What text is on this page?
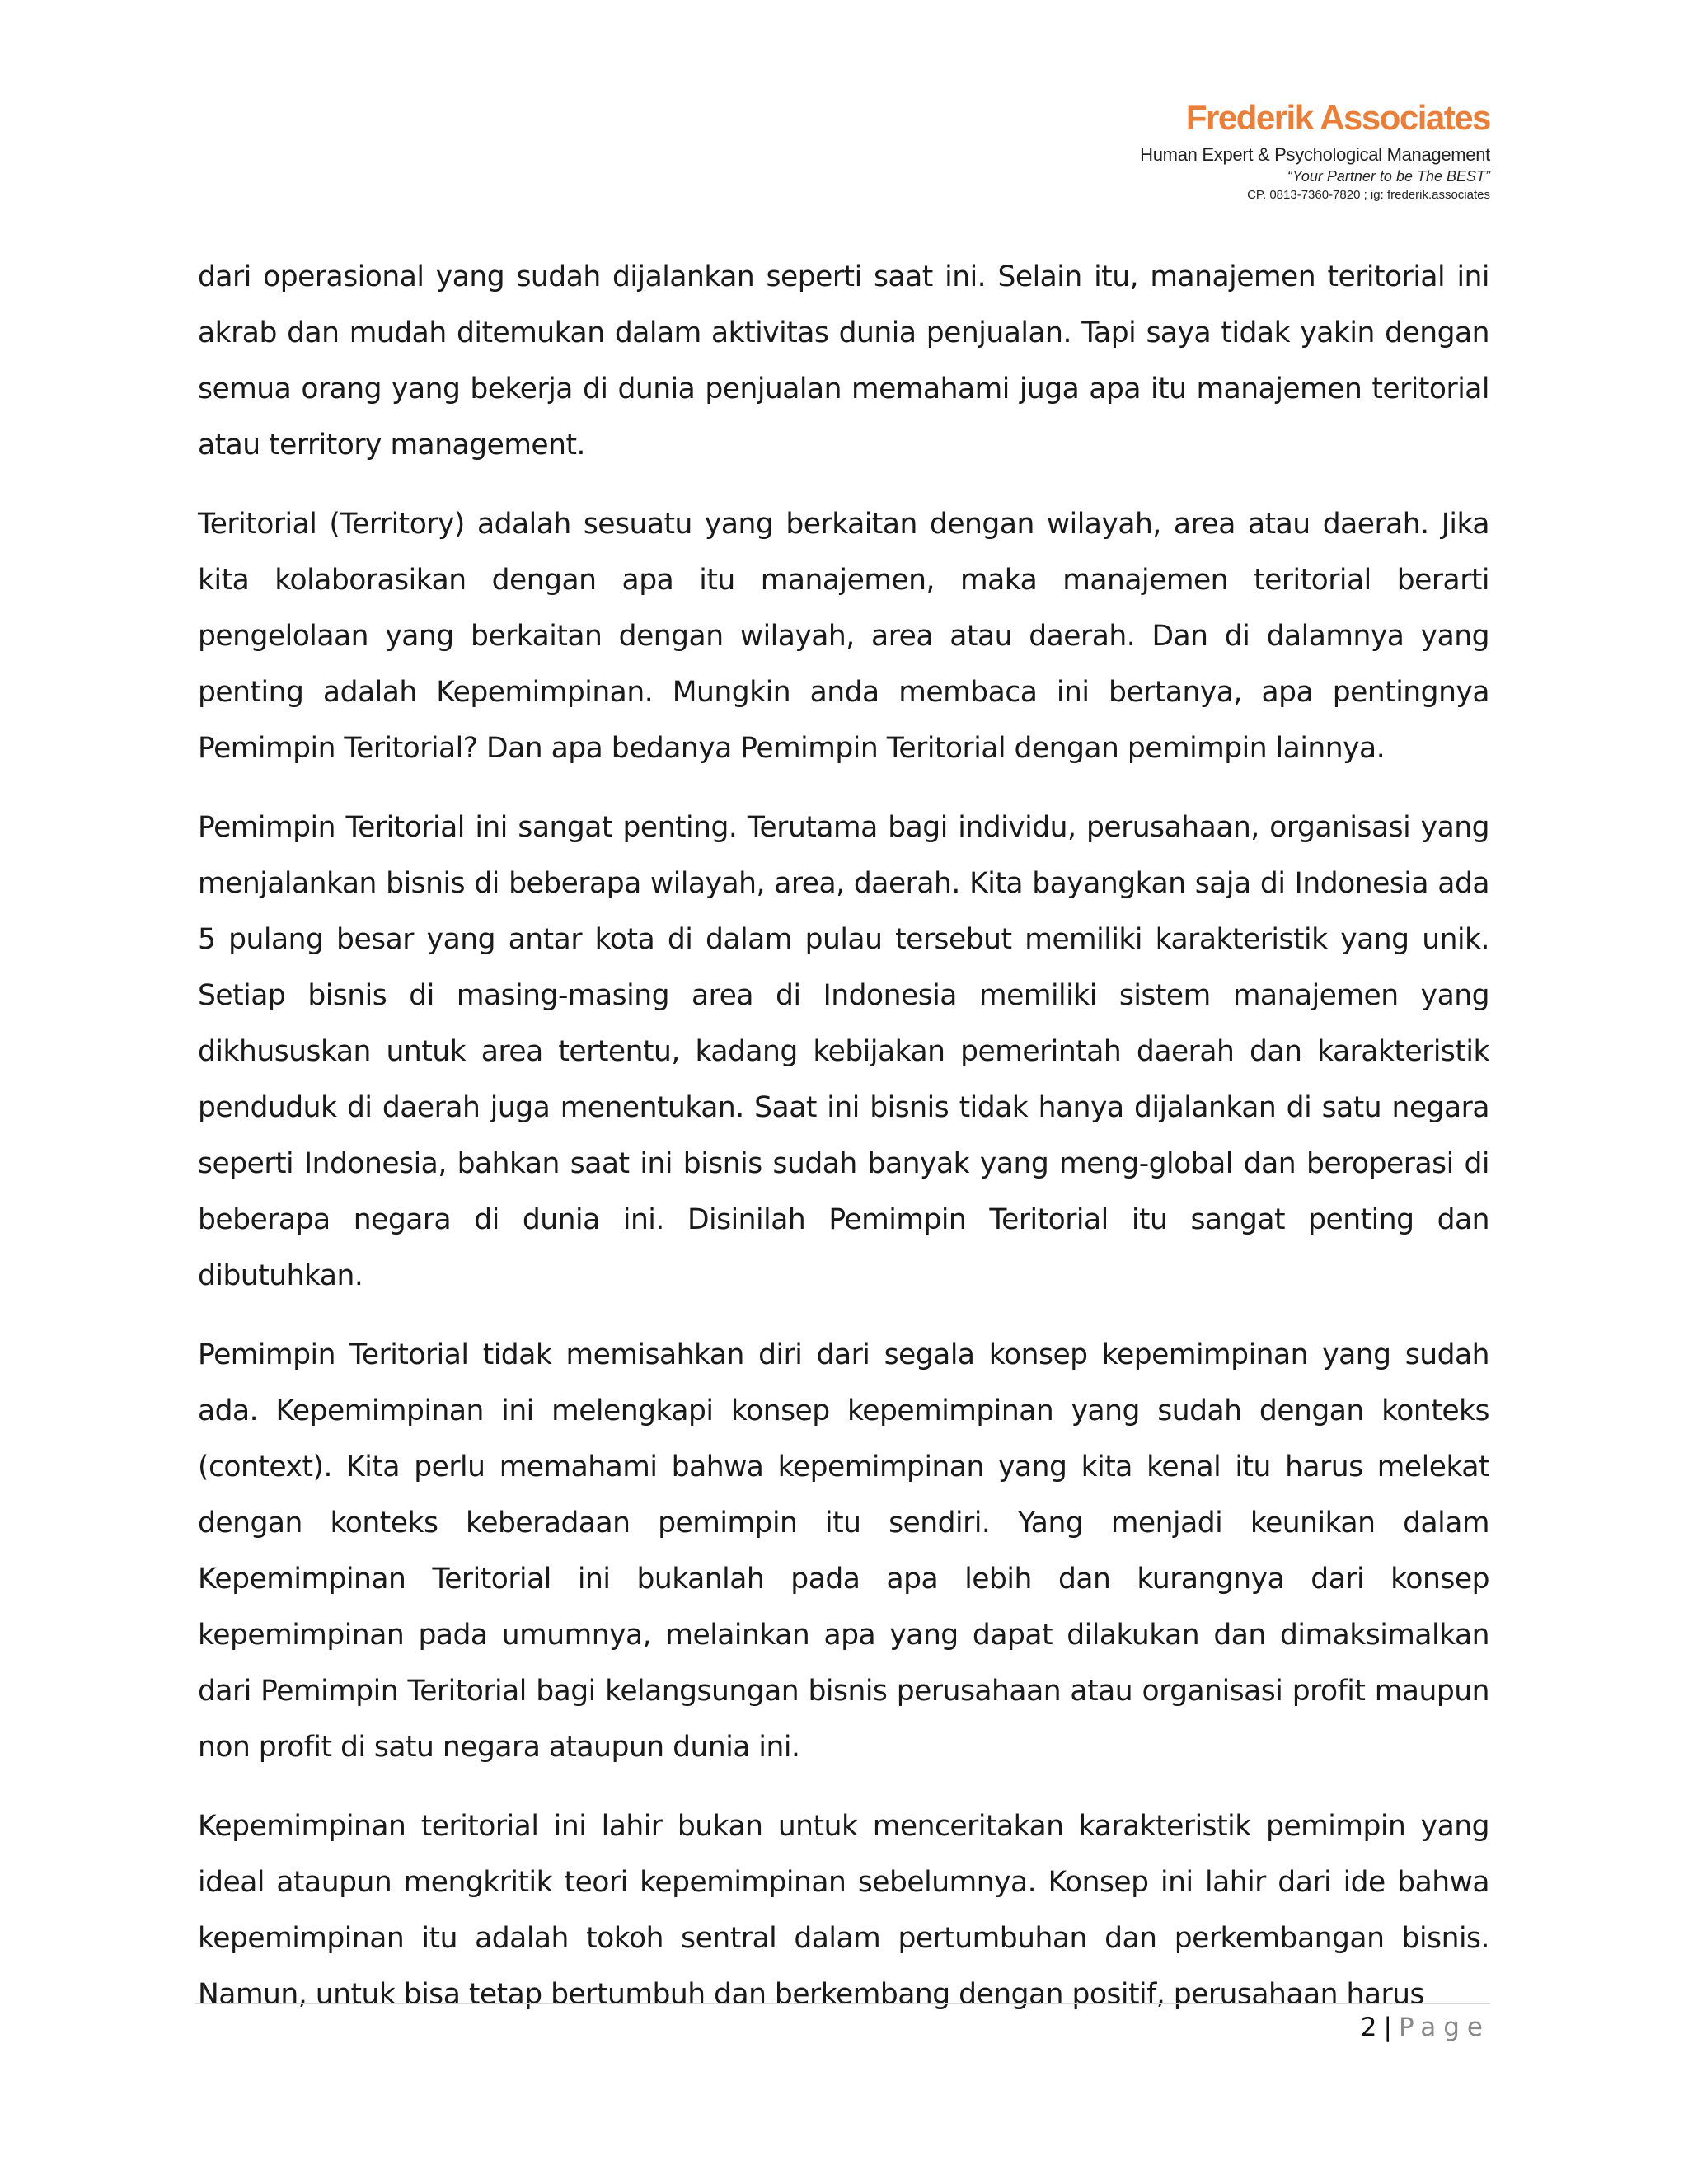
Frederik Associates
Human Expert & Psychological Management
“Your Partner to be The BEST”
CP. 0813-7360-7820 ; ig: frederik.associates

dari operasional yang sudah dijalankan seperti saat ini. Selain itu, manajemen teritorial ini akrab dan mudah ditemukan dalam aktivitas dunia penjualan. Tapi saya tidak yakin dengan semua orang yang bekerja di dunia penjualan memahami juga apa itu manajemen teritorial atau territory management.

Teritorial (Territory) adalah sesuatu yang berkaitan dengan wilayah, area atau daerah. Jika kita kolaborasikan dengan apa itu manajemen, maka manajemen teritorial berarti pengelolaan yang berkaitan dengan wilayah, area atau daerah. Dan di dalamnya yang penting adalah Kepemimpinan. Mungkin anda membaca ini bertanya, apa pentingnya Pemimpin Teritorial? Dan apa bedanya Pemimpin Teritorial dengan pemimpin lainnya.

Pemimpin Teritorial ini sangat penting. Terutama bagi individu, perusahaan, organisasi yang menjalankan bisnis di beberapa wilayah, area, daerah. Kita bayangkan saja di Indonesia ada 5 pulang besar yang antar kota di dalam pulau tersebut memiliki karakteristik yang unik. Setiap bisnis di masing-masing area di Indonesia memiliki sistem manajemen yang dikhususkan untuk area tertentu, kadang kebijakan pemerintah daerah dan karakteristik penduduk di daerah juga menentukan. Saat ini bisnis tidak hanya dijalankan di satu negara seperti Indonesia, bahkan saat ini bisnis sudah banyak yang meng-global dan beroperasi di beberapa negara di dunia ini. Disinilah Pemimpin Teritorial itu sangat penting dan dibutuhkan.

Pemimpin Teritorial tidak memisahkan diri dari segala konsep kepemimpinan yang sudah ada. Kepemimpinan ini melengkapi konsep kepemimpinan yang sudah dengan konteks (context). Kita perlu memahami bahwa kepemimpinan yang kita kenal itu harus melekat dengan konteks keberadaan pemimpin itu sendiri. Yang menjadi keunikan dalam Kepemimpinan Teritorial ini bukanlah pada apa lebih dan kurangnya dari konsep kepemimpinan pada umumnya, melainkan apa yang dapat dilakukan dan dimaksimalkan dari Pemimpin Teritorial bagi kelangsungan bisnis perusahaan atau organisasi profit maupun non profit di satu negara ataupun dunia ini.

Kepemimpinan teritorial ini lahir bukan untuk menceritakan karakteristik pemimpin yang ideal ataupun mengkritik teori kepemimpinan sebelumnya. Konsep ini lahir dari ide bahwa kepemimpinan itu adalah tokoh sentral dalam pertumbuhan dan perkembangan bisnis. Namun, untuk bisa tetap bertumbuh dan berkembang dengan positif, perusahaan harus

2 | Page
